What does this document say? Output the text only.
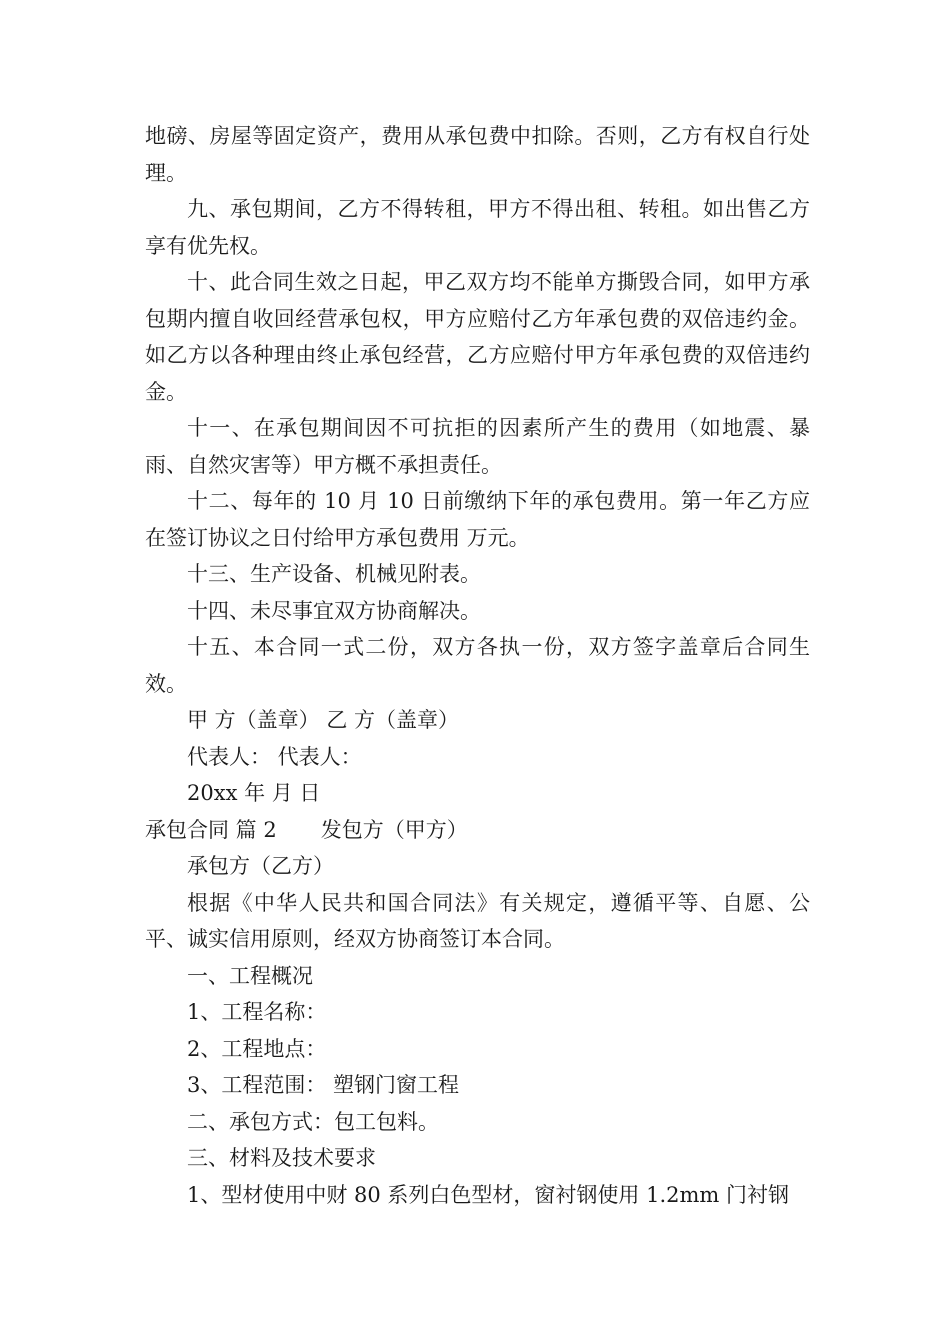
地磅、房屋等固定资产，费用从承包费中扣除。否则，乙方有权自行处理。

九、承包期间，乙方不得转租，甲方不得出租、转租。如出售乙方享有优先权。

十、此合同生效之日起，甲乙双方均不能单方撕毁合同，如甲方承包期内擅自收回经营承包权，甲方应赔付乙方年承包费的双倍违约金。如乙方以各种理由终止承包经营，乙方应赔付甲方年承包费的双倍违约金。

十一、在承包期间因不可抗拒的因素所产生的费用（如地震、暴雨、自然灾害等）甲方概不承担责任。

十二、每年的 10 月 10 日前缴纳下年的承包费用。第一年乙方应在签订协议之日付给甲方承包费用 万元。

十三、生产设备、机械见附表。

十四、未尽事宜双方协商解决。

十五、本合同一式二份，双方各执一份，双方签字盖章后合同生效。

甲 方（盖章） 乙 方（盖章）

代表人： 代表人：

20xx 年 月 日

承包合同 篇 2 发包方（甲方）

承包方（乙方）

根据《中华人民共和国合同法》有关规定，遵循平等、自愿、公平、诚实信用原则，经双方协商签订本合同。

一、工程概况

1、工程名称：

2、工程地点：

3、工程范围： 塑钢门窗工程

二、承包方式：包工包料。

三、材料及技术要求

1、型材使用中财 80 系列白色型材，窗衬钢使用 1.2mm 门衬钢
